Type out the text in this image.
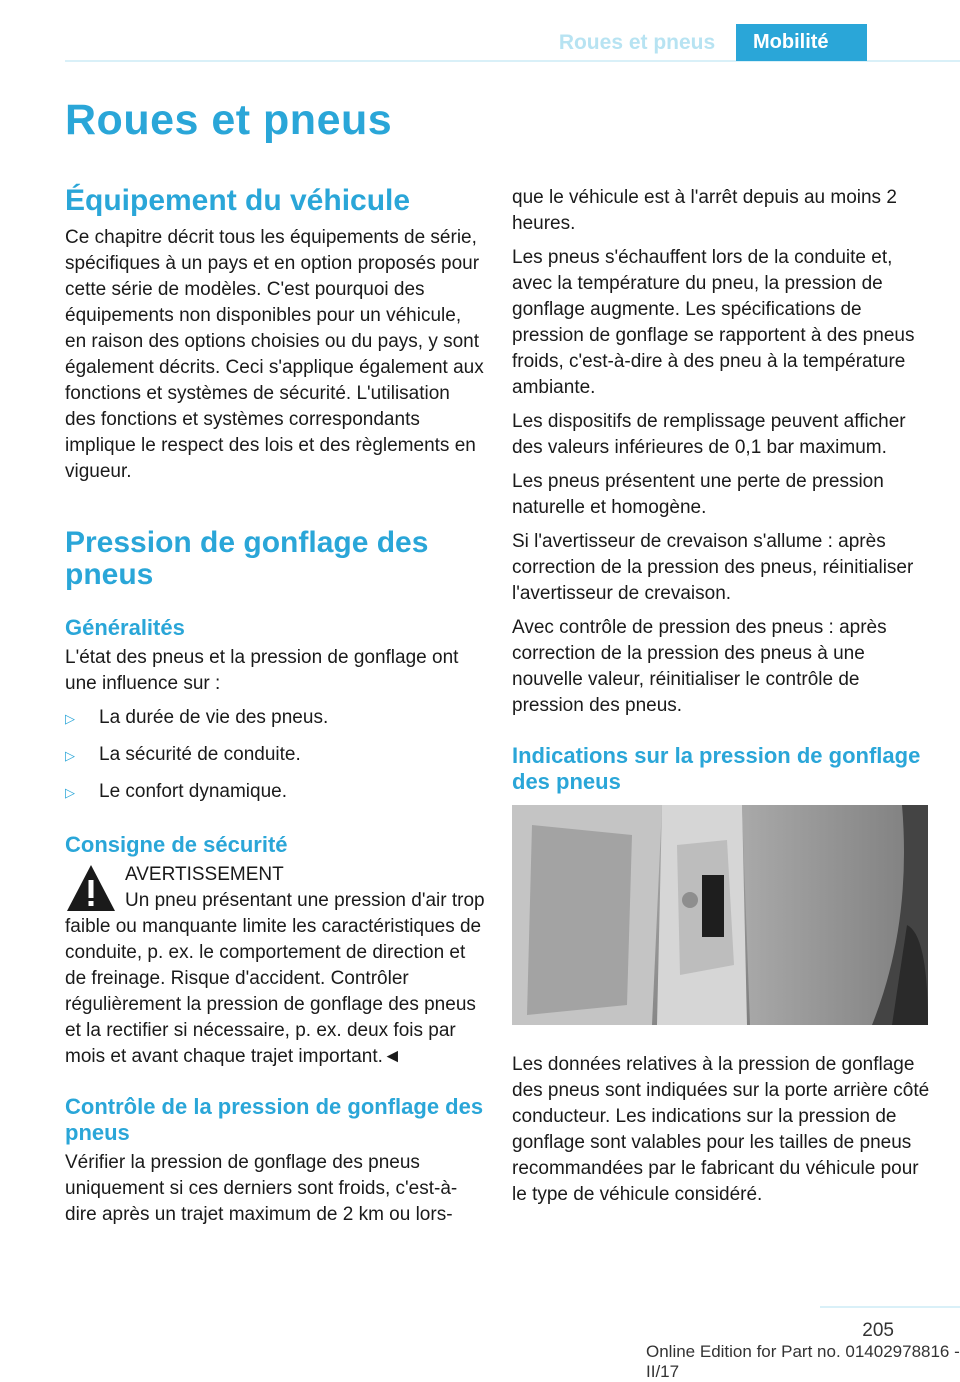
Roues et pneus	Mobilité
Roues et pneus
Équipement du véhicule

Ce chapitre décrit tous les équipements de série, spécifiques à un pays et en option proposés pour cette série de modèles. C'est pourquoi des équipements non disponibles pour un véhicule, en raison des options choisies ou du pays, y sont également décrits. Ceci s'applique également aux fonctions et systèmes de sécurité. L'utilisation des fonctions et systèmes correspondants implique le respect des lois et des règlements en vigueur.

Pression de gonflage des pneus
Généralités

L'état des pneus et la pression de gonflage ont une influence sur :

▷	La durée de vie des pneus.
▷	La sécurité de conduite.
▷	Le confort dynamique.
Consigne de sécurité
AVERTISSEMENT
Un pneu présentant une pression d'air trop faible ou manquante limite les caractéristiques de conduite, p. ex. le comportement de direction et de freinage. Risque d'accident. Contrôler régulièrement la pression de gonflage des pneus et la rectifier si nécessaire, p. ex. deux fois par mois et avant chaque trajet important.◄
Contrôle de la pression de gonflage des pneus

Vérifier la pression de gonflage des pneus uniquement si ces derniers sont froids, c'est-à-dire après un trajet maximum de 2 km ou lors-

que le véhicule est à l'arrêt depuis au moins 2 heures.

Les pneus s'échauffent lors de la conduite et, avec la température du pneu, la pression de gonflage augmente. Les spécifications de pression de gonflage se rapportent à des pneus froids, c'est-à-dire à des pneu à la température ambiante.

Les dispositifs de remplissage peuvent afficher des valeurs inférieures de 0,1 bar maximum.

Les pneus présentent une perte de pression naturelle et homogène.

Si l'avertisseur de crevaison s'allume : après correction de la pression des pneus, réinitialiser l'avertisseur de crevaison.

Avec contrôle de pression des pneus : après correction de la pression des pneus à une nouvelle valeur, réinitialiser le contrôle de pression des pneus.

Indications sur la pression de gonflage des pneus

Les données relatives à la pression de gonflage des pneus sont indiquées sur la porte arrière côté conducteur. Les indications sur la pression de gonflage sont valables pour les tailles de pneus recommandées par le fabricant du véhicule pour le type de véhicule considéré.

205
Online Edition for Part no. 01402978816 - II/17
